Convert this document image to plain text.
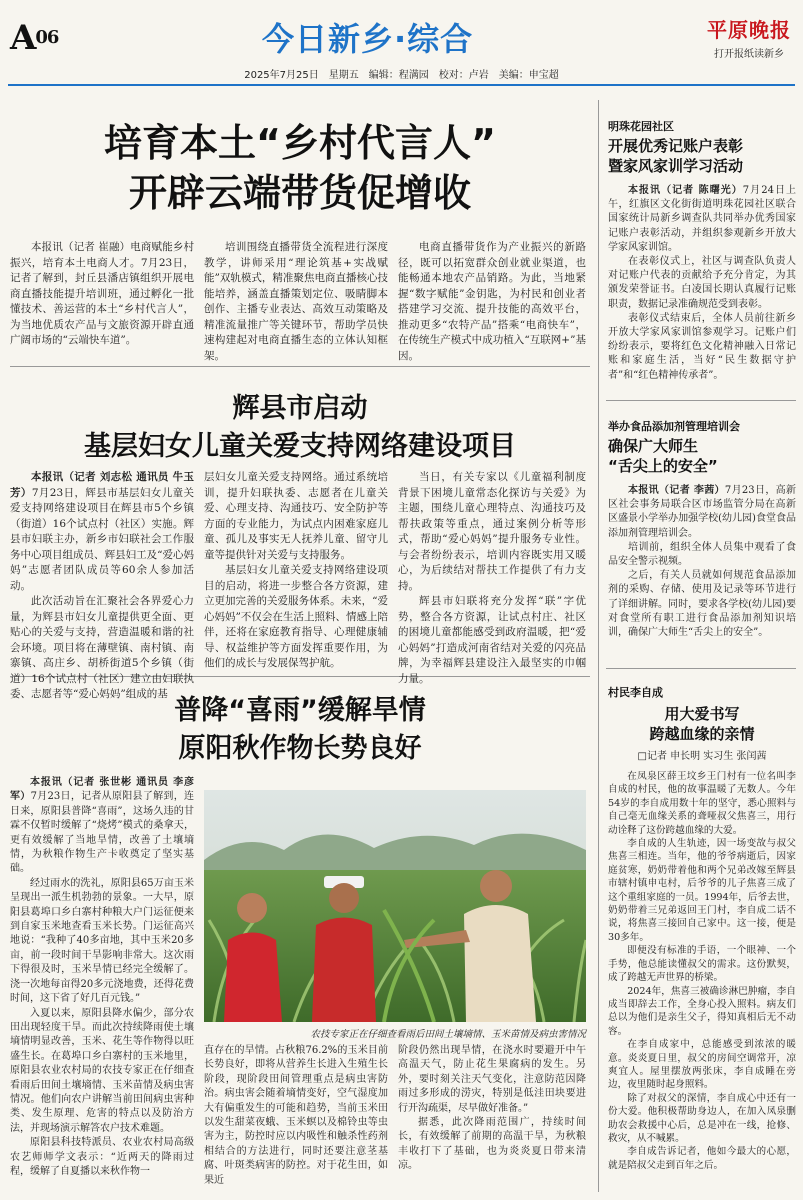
A06	今日新乡·综合	平原晚报
打开报纸读新乡
2025年7月25日　星期五　编辑：程满园　校对：卢岩　美编：申宝超
培育本土“乡村代言人”
开辟云端带货促增收

本报讯（记者 崔融）电商赋能乡村振兴，培育本土电商人才。7月23日，记者了解到，封丘县潘店镇组织开展电商直播技能提升培训班，通过孵化一批懂技术、善运营的本土“乡村代言人”，为当地优质农产品与文旅资源开辟直通广阔市场的“云端快车道”。

培训围绕直播带货全流程进行深度教学，讲师采用“理论筑基+实战赋能”双轨模式，精准聚焦电商直播核心技能培养，涵盖直播策划定位、吸睛脚本创作、主播专业表达、高效互动策略及精准流量推广等关键环节，帮助学员快速构建起对电商直播生态的立体认知框架。

电商直播带货作为产业振兴的新路径，既可以拓宽群众创业就业渠道，也能畅通本地农产品销路。为此，当地紧握“数字赋能”金钥匙，为村民和创业者搭建学习交流、提升技能的高效平台，推动更多“农特产品”搭乘“电商快车”，在传统生产模式中成功植入“互联网+”基因。

辉县市启动
基层妇女儿童关爱支持网络建设项目

本报讯（记者 刘志松 通讯员 牛玉芳）7月23日，辉县市基层妇女儿童关爱支持网络建设项目在辉县市5个乡镇（街道）16个试点村（社区）实施。辉县市妇联主办，新乡市妇联社会工作服务中心项目组成员、辉县妇工及“爱心妈妈”志愿者团队成员等60余人参加活动。

此次活动旨在汇聚社会各界爱心力量，为辉县市妇女儿童提供更全面、更贴心的关爱与支持，营造温暖和谐的社会环境。项目将在薄壁镇、南村镇、南寨镇、高庄乡、胡桥街道5个乡镇（街道）16个试点村（社区）建立由妇联执委、志愿者等“爱心妈妈”组成的基

层妇女儿童关爱支持网络。通过系统培训，提升妇联执委、志愿者在儿童关爱、心理支持、沟通技巧、安全防护等方面的专业能力，为试点内困难家庭儿童、孤儿及事实无人抚养儿童、留守儿童等提供针对关爱与支持服务。

基层妇女儿童关爱支持网络建设项目的启动，将进一步整合各方资源，建立更加完善的关爱服务体系。未来，“爱心妈妈”不仅会在生活上照料、情感上陪伴，还将在家庭教育指导、心理健康辅导、权益维护等方面发挥重要作用，为他们的成长与发展保驾护航。

当日，有关专家以《儿童福利制度背景下困境儿童常态化探访与关爱》为主题，围绕儿童心理特点、沟通技巧及帮扶政策等重点，通过案例分析等形式，帮助“爱心妈妈”提升服务专业性。与会者纷纷表示，培训内容既实用又暖心，为后续结对帮扶工作提供了有力支持。

辉县市妇联将充分发挥“联”字优势，整合各方资源，让试点村庄、社区的困境儿童都能感受到政府温暖，把“爱心妈妈”打造成河南省结对关爱的闪亮品牌，为幸福辉县建设注入最坚实的巾帼力量。

普降“喜雨”缓解旱情
原阳秋作物长势良好

本报讯（记者 张世彬 通讯员 李彦军）7月23日，记者从原阳县了解到，连日来，原阳县普降“喜雨”，这场久违的甘霖不仅暂时缓解了“烧烤”模式的桑拿天，更有效缓解了当地旱情，改善了土壤墒情，为秋粮作物生产卡收奠定了坚实基础。

经过雨水的洗礼，原阳县65万亩玉米呈现出一派生机勃勃的景象。一大早，原阳县葛埠口乡白寨村种粮大户门运征便来到自家玉米地查看玉米长势。门运征高兴地说：“我种了40多亩地，其中玉米20多亩，前一段时间干旱影响非常大。这次雨下得很及时，玉米旱情已经完全缓解了。浇一次地每亩得20多元浇地费，还得花费时间，这下省了好几百元钱。”

入夏以来，原阳县降水偏少，部分农田出现轻度干旱。而此次持续降雨使土壤墒情明显改善，玉米、花生等作物得以旺盛生长。在葛埠口乡白寨村的玉米地里，原阳县农业农村局的农技专家正在仔细查看雨后田间土壤墒情、玉米苗情及病虫害情况。他们向农户讲解当前田间病虫害种类、发生原理、危害的特点以及防治方法，并现场演示解答农户技术难题。

原阳县科技特派员、农业农村局高级农艺师师学文表示：“近两天的降雨过程，缓解了自夏播以来秋作物一

农技专家正在仔细查看雨后田间土壤墒情、玉米苗情及病虫害情况

直存在的旱情。占秋粮76.2%的玉米目前长势良好，即将从营养生长进入生殖生长阶段，现阶段田间管理重点是病虫害防治。病虫害会随着墒情变好，空气湿度加大有偏重发生的可能和趋势，当前玉米田以发生甜菜夜蛾、玉米螟以及棉铃虫等虫害为主，防控时应以内吸性和触杀性药剂相结合的方法进行，同时还要注意茎基腐、叶斑类病害的防控。对于花生田，如果近

阶段仍然出现旱情，在浇水时要避开中午高温天气，防止花生果腐病的发生。另外，要时刻关注天气变化，注意防范因降雨过多形成的涝灾，特别是低洼田块要进行开沟疏渠，尽早做好准备。”

据悉，此次降雨范围广，持续时间长，有效缓解了前期的高温干旱，为秋粮丰收打下了基础，也为炎炎夏日带来清凉。

明珠花园社区
开展优秀记账户表彰
暨家风家训学习活动

本报讯（记者 陈曙光）7月24日上午，红旗区文化街街道明珠花园社区联合国家统计局新乡调查队共同举办优秀国家记账户表彰活动，并组织参观新乡开放大学家风家训馆。

在表彰仪式上，社区与调查队负责人对记账户代表的贡献给予充分肯定，为其颁发荣誉证书。白凌国长期认真履行记账职责，数据记录准确规范受到表彰。

表彰仪式结束后，全体人员前往新乡开放大学家风家训馆参观学习。记账户们纷纷表示，要将红色文化精神融入日常记账和家庭生活，当好“民生数据守护者”和“红色精神传承者”。

举办食品添加剂管理培训会
确保广大师生
“舌尖上的安全”

本报讯（记者 李茜）7月23日，高新区社会事务局联合区市场监管分局在高新区盛景小学举办加强学校(幼儿园)食堂食品添加剂管理培训会。

培训前，组织全体人员集中观看了食品安全警示视频。

之后，有关人员就如何规范食品添加剂的采购、存储、使用及记录等环节进行了详细讲解。同时，要求各学校(幼儿园)要对食堂所有职工进行食品添加剂知识培训，确保广大师生“舌尖上的安全”。

村民李自成
用大爱书写
跨越血缘的亲情
□记者 申长明 实习生 张闰茜

在凤泉区薛王坟乡王门村有一位名叫李自成的村民，他的故事温暖了无数人。今年54岁的李自成用数十年的坚守，悉心照料与自己毫无血缘关系的聋哑叔父焦喜三，用行动诠释了这份跨越血缘的大爱。

李自成的人生轨迹，因一场变故与叔父焦喜三相连。当年，他的爷爷病逝后，因家庭贫寒，奶奶带着他和两个兄弟改嫁至辉县市辖村镇申屯村，后爷爷的儿子焦喜三成了这个重组家庭的一员。1994年，后爷去世，奶奶带着三兄弟返回王门村，李自成二话不说，将焦喜三接回自己家中。这一接，便是30多年。

即便没有标准的手语，一个眼神、一个手势，他总能读懂叔父的需求。这份默契，成了跨越无声世界的桥梁。

2024年，焦喜三被确诊淋巴肿瘤，李自成当即辞去工作，全身心投入照料。病友们总以为他们是亲生父子，得知真相后无不动容。

在李自成家中，总能感受到浓浓的暖意。炎炎夏日里，叔父的房间空调常开，凉爽宜人。屋里摆放两张床，李自成睡在旁边，夜里随时起身照料。

除了对叔父的深情，李自成心中还有一份大爱。他积极帮助身边人，在加入凤泉删助农会救援中心后，总是冲在一线，抢修、救灾，从不喊累。

李自成告诉记者，他如今最大的心愿，就是陪叔父走到百年之后。
